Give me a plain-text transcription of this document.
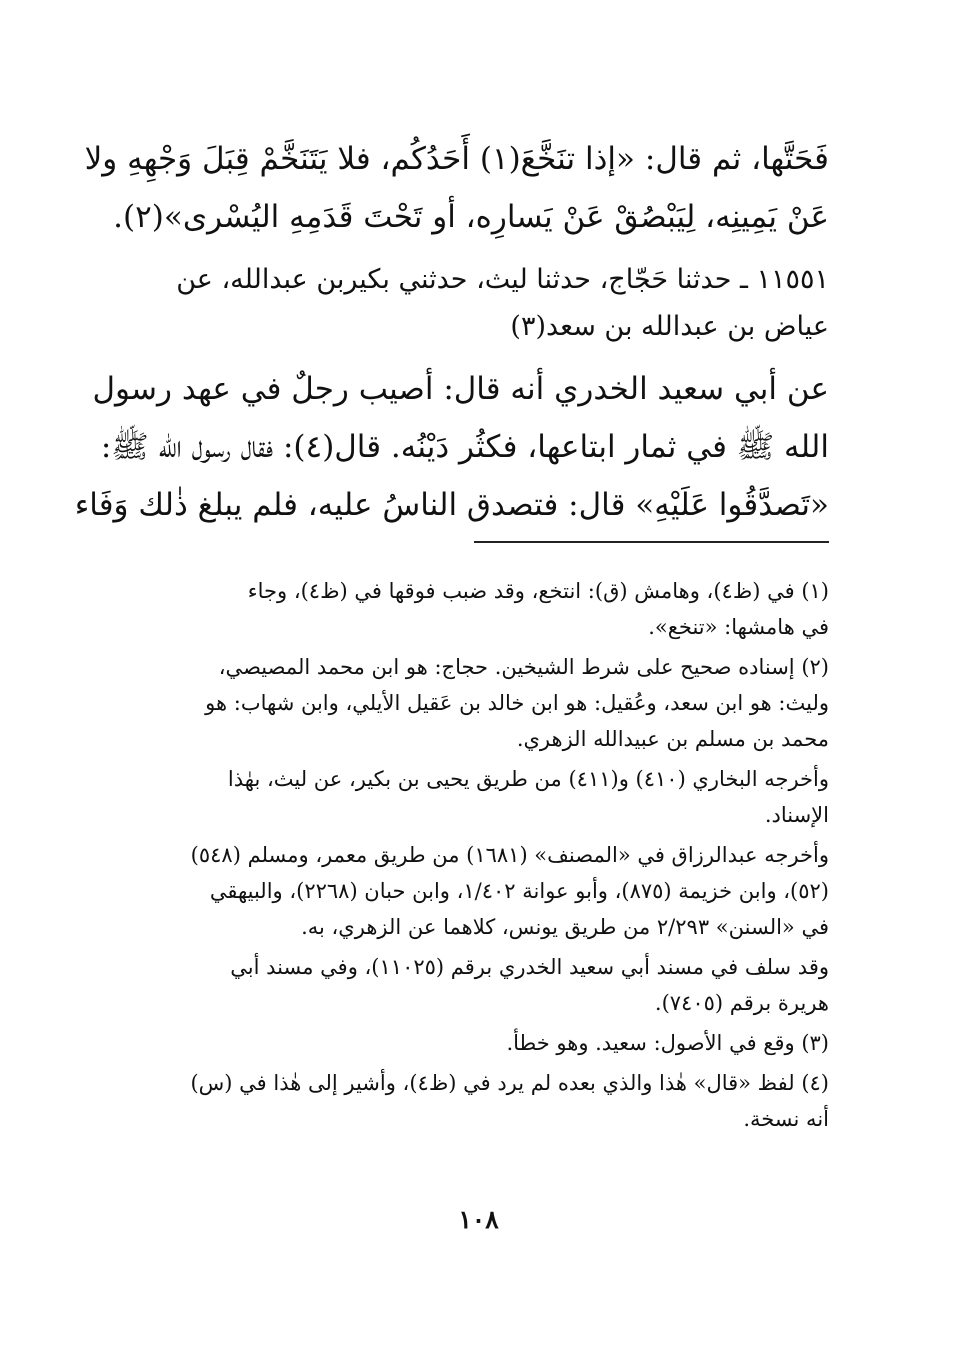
فَحَتَّها، ثم قال: «إذا تنَخَّعَ(١) أَحَدُكُم، فلا يَتَنَخَّمْ قِبَلَ وَجْهِهِ ولا

عَنْ يَمِينِه، لِيَبْصُقْ عَنْ يَسارِه، أو تَحْتَ قَدَمِهِ اليُسْرى»(٢).

١١٥٥١ ـ حدثنا حَجّاج، حدثنا ليث، حدثني بكيربن عبدالله، عن

عياض بن عبدالله بن سعد(٣)

عن أبي سعيد الخدري أنه قال: أصيب رجلٌ في عهد رسول

الله ﷺ في ثمار ابتاعها، فكثُر دَيْنُه. قال(٤): فقال رسول الله ﷺ:

«تَصدَّقُوا عَلَيْهِ» قال: فتصدق الناسُ عليه، فلم يبلغ ذٰلك وَفَاء

(١) في (ظ٤)، وهامش (ق): انتخع، وقد ضبب فوقها في (ظ٤)، وجاء

في هامشها: «تنخع».

(٢) إسناده صحيح على شرط الشيخين. حجاج: هو ابن محمد المصيصي،

وليث: هو ابن سعد، وعُقيل: هو ابن خالد بن عَقيل الأيلي، وابن شهاب: هو

محمد بن مسلم بن عبيدالله الزهري.

وأخرجه البخاري (٤١٠) و(٤١١) من طريق يحيى بن بكير، عن ليث، بهٰذا

الإسناد.

وأخرجه عبدالرزاق في «المصنف» (١٦٨١) من طريق معمر، ومسلم (٥٤٨)

(٥٢)، وابن خزيمة (٨٧٥)، وأبو عوانة ١/٤٠٢، وابن حبان (٢٢٦٨)، والبيهقي

في «السنن» ٢/٢٩٣ من طريق يونس، كلاهما عن الزهري، به.

وقد سلف في مسند أبي سعيد الخدري برقم (١١٠٢٥)، وفي مسند أبي

هريرة برقم (٧٤٠٥).

(٣) وقع في الأصول: سعيد. وهو خطأ.

(٤) لفظ «قال» هٰذا والذي بعده لم يرد في (ظ٤)، وأشير إلى هٰذا في (س)

أنه نسخة.

١٠٨
